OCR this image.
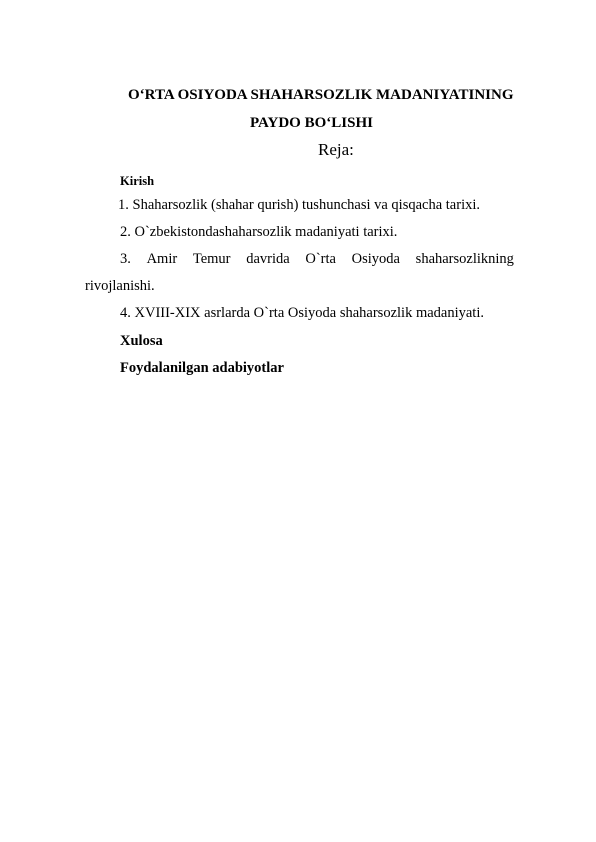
O‘RTA OSIYODA SHAHARSOZLIK MADANIYATINING
PAYDO BO‘LISHI
Reja:
Kirish
1. Shaharsozlik (shahar qurish) tushunchasi va qisqacha tarixi.
2. O`zbekistondashaharsozlik madaniyati tarixi.
3. Amir Temur davrida O`rta Osiyoda shaharsozlikning
rivojlanishi.
4. XVIII-XIX asrlarda O`rta Osiyoda shaharsozlik madaniyati.
Xulosa
Foydalanilgan adabiyotlar
